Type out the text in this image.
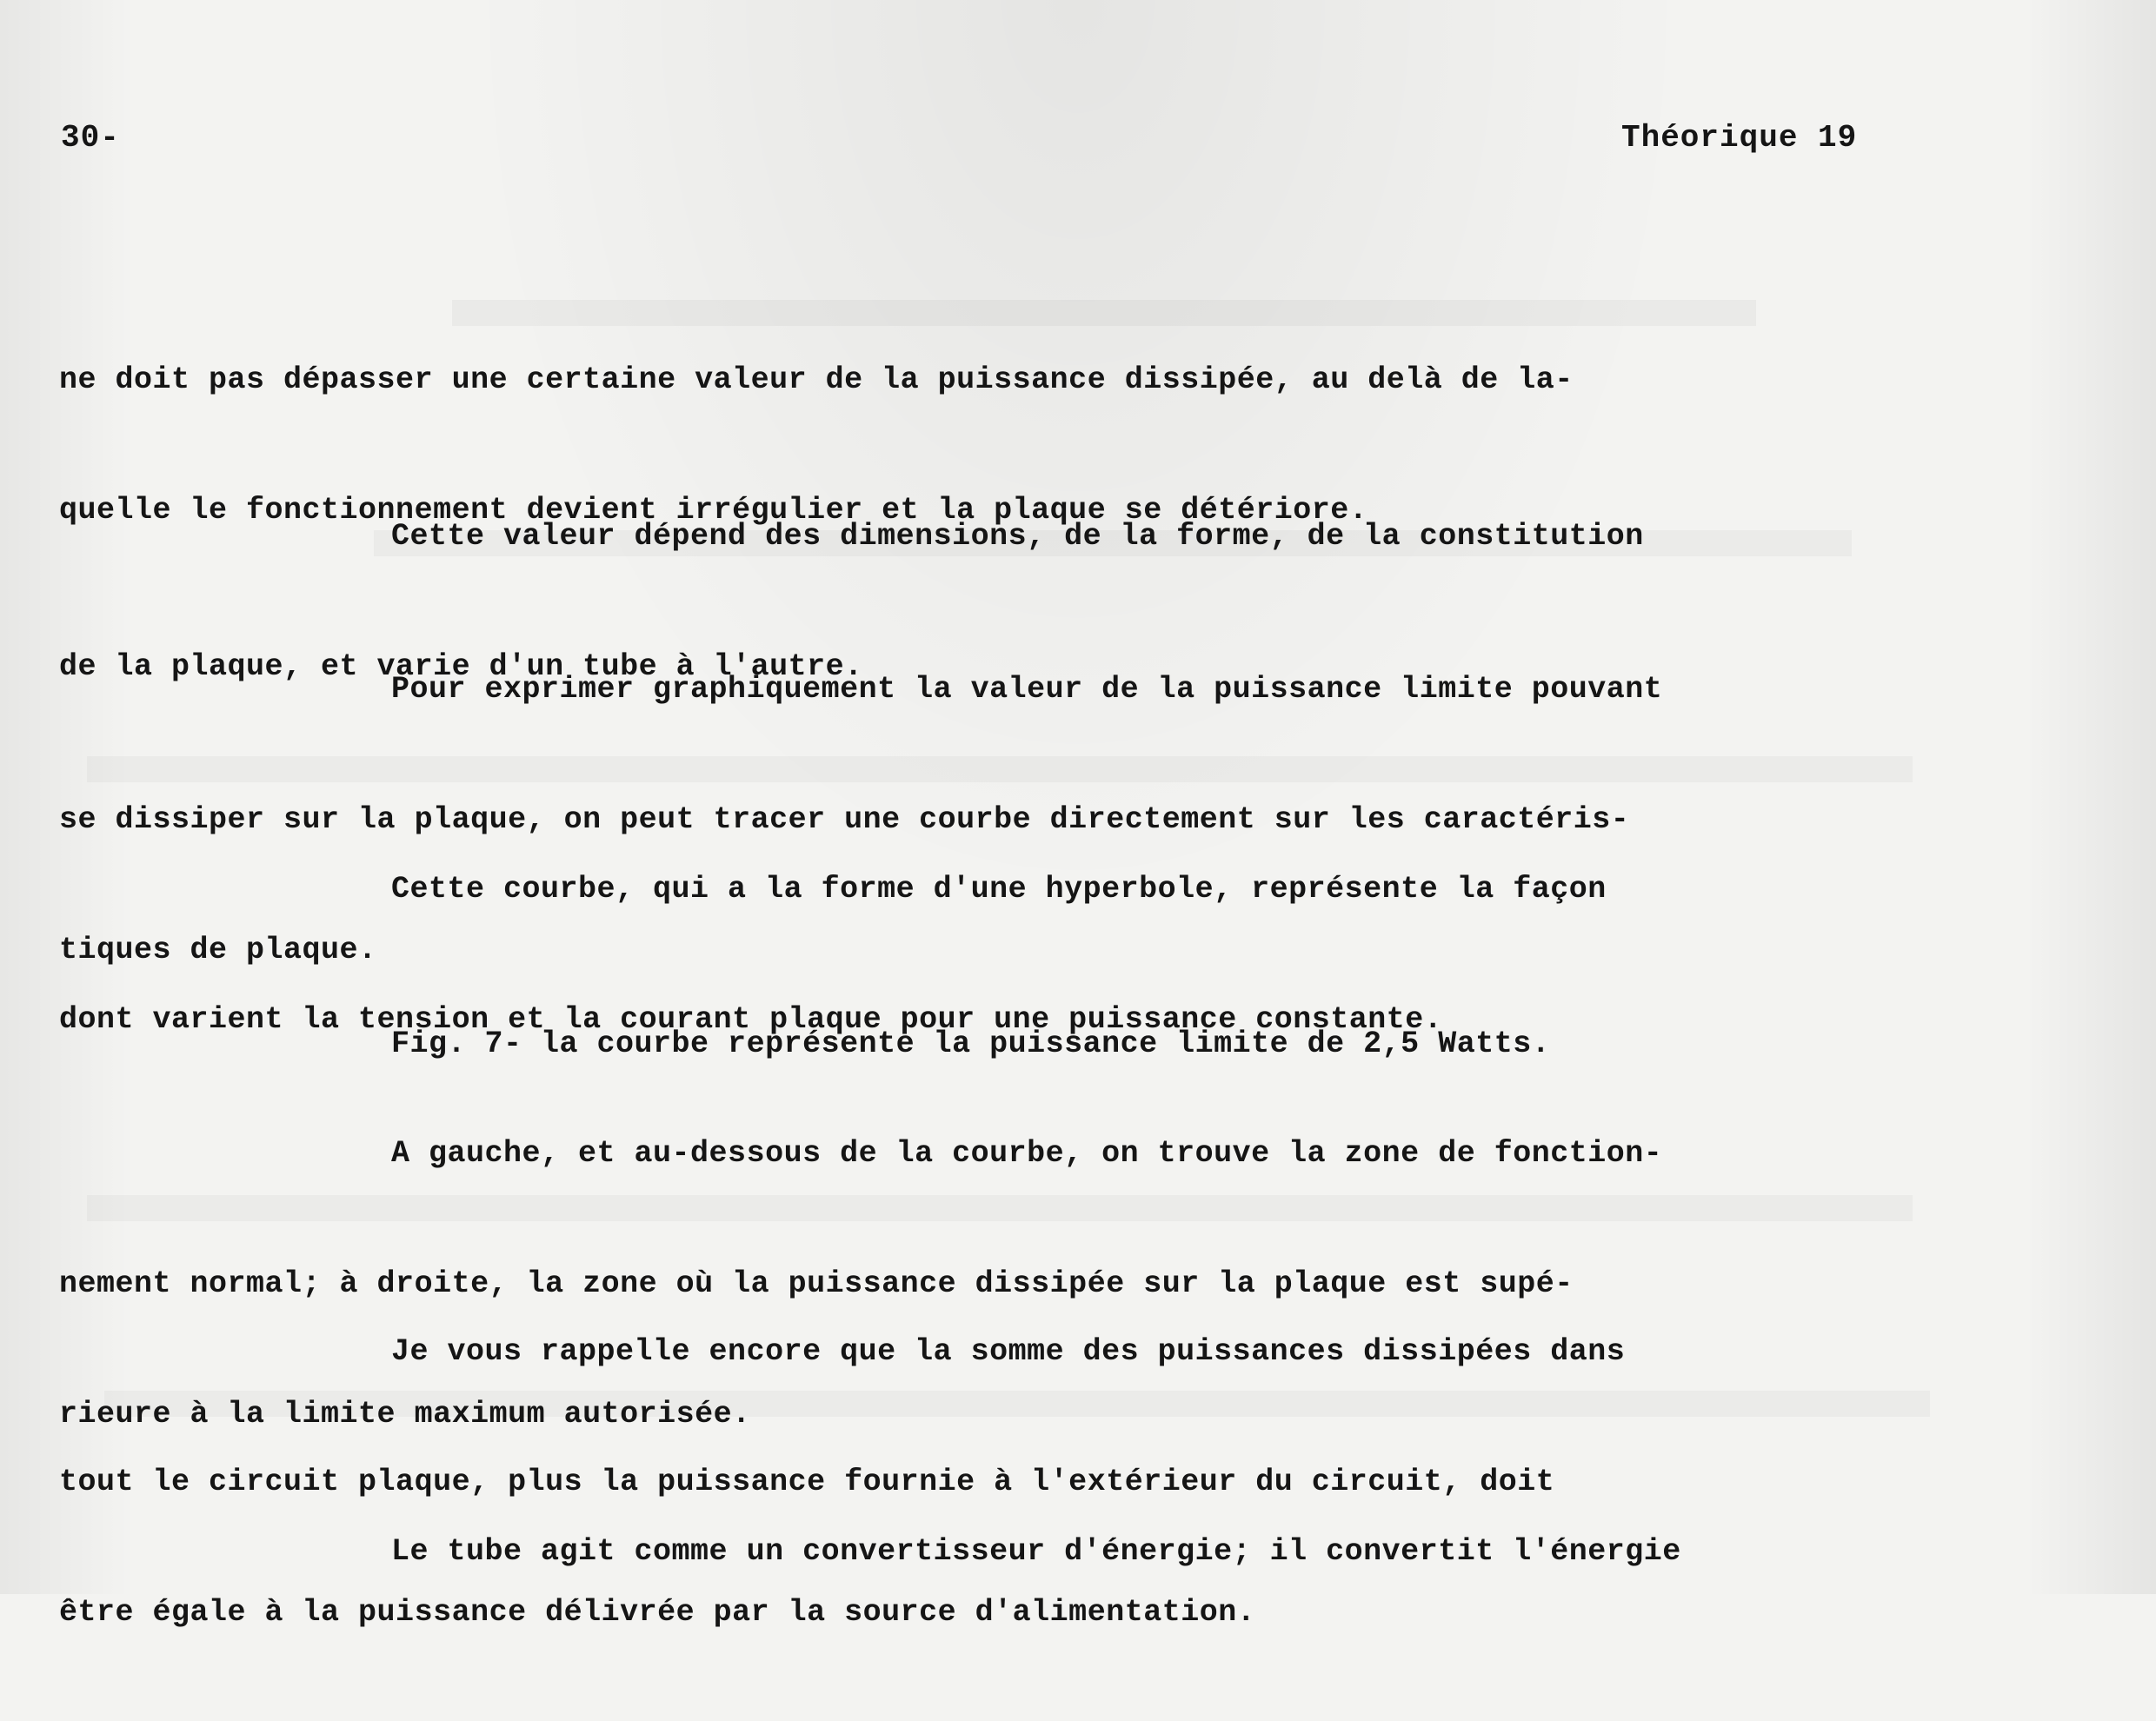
30-	Théorique 19

ne doit pas dépasser une certaine valeur de la puissance dissipée, au delà de la-

quelle le fonctionnement devient irrégulier et la plaque se détériore.

Cette valeur dépend des dimensions, de la forme, de la constitution

de la plaque, et varie d'un tube à l'autre.

Pour exprimer graphiquement la valeur de la puissance limite pouvant

se dissiper sur la plaque, on peut tracer une courbe directement sur les caractéris-

tiques de plaque.

Cette courbe, qui a la forme d'une hyperbole, représente la façon

dont varient la tension et la courant plaque pour une puissance constante.

Fig. 7- la courbe représente la puissance limite de 2,5 Watts.

A gauche, et au-dessous de la courbe, on trouve la zone de fonction-

nement normal; à droite, la zone où la puissance dissipée sur la plaque est supé-

rieure à la limite maximum autorisée.

Je vous rappelle encore que la somme des puissances dissipées dans

tout le circuit plaque, plus la puissance fournie à l'extérieur du circuit, doit

être égale à la puissance délivrée par la source d'alimentation.

Le tube agit comme un convertisseur d'énergie; il convertit l'énergie
